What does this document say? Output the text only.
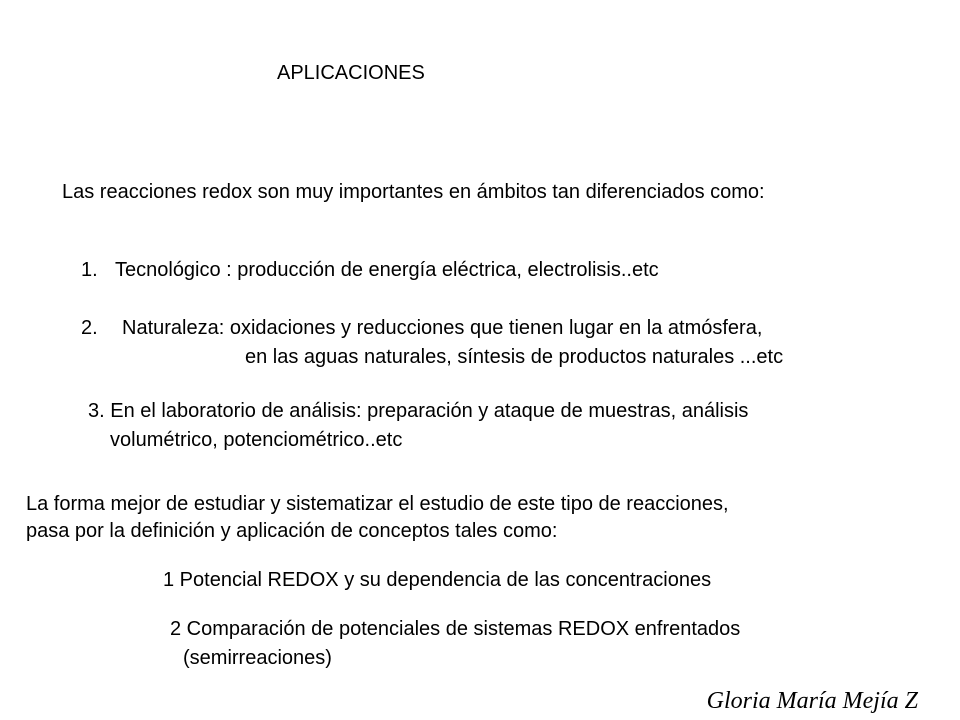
APLICACIONES

Las reacciones redox son muy importantes en ámbitos tan diferenciados como:

1. Tecnológico : producción de energía eléctrica, electrolisis..etc
2. Naturaleza: oxidaciones y reducciones que tienen lugar en la atmósfera,
en las aguas naturales, síntesis de productos naturales ...etc
3. En el laboratorio de análisis: preparación y ataque de muestras, análisis
volumétrico, potenciométrico..etc

La forma mejor de estudiar y sistematizar el estudio de este tipo de reacciones,

pasa por la definición y aplicación de conceptos tales como:

1 Potencial REDOX y su dependencia de las concentraciones
2 Comparación de potenciales de sistemas REDOX enfrentados
(semirreaciones)
Gloria María Mejía Z
